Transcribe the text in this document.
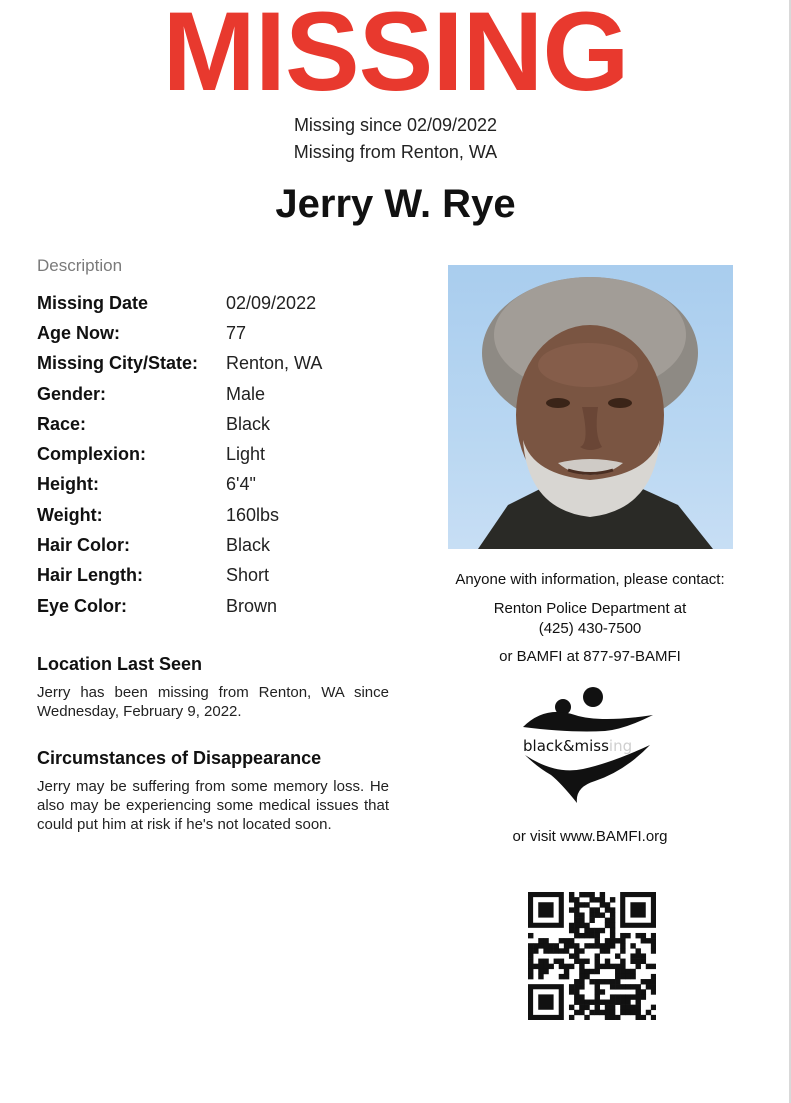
MISSING
Missing since 02/09/2022
Missing from Renton, WA
Jerry W. Rye
Description
Missing Date	02/09/2022
Age Now:	77
Missing City/State:	Renton, WA
Gender:	Male
Race:	Black
Complexion:	Light
Height:	6'4"
Weight:	160lbs
Hair Color:	Black
Hair Length:	Short
Eye Color:	Brown
Location Last Seen
Jerry has been missing from Renton, WA since Wednesday, February 9, 2022.
Circumstances of Disappearance
Jerry may be suffering from some memory loss. He also may be experiencing some medical issues that could put him at risk if he's not located soon.
Anyone with information, please contact:
Renton Police Department at
(425) 430-7500
or BAMFI at 877-97-BAMFI
black&missing
or visit www.BAMFI.org
